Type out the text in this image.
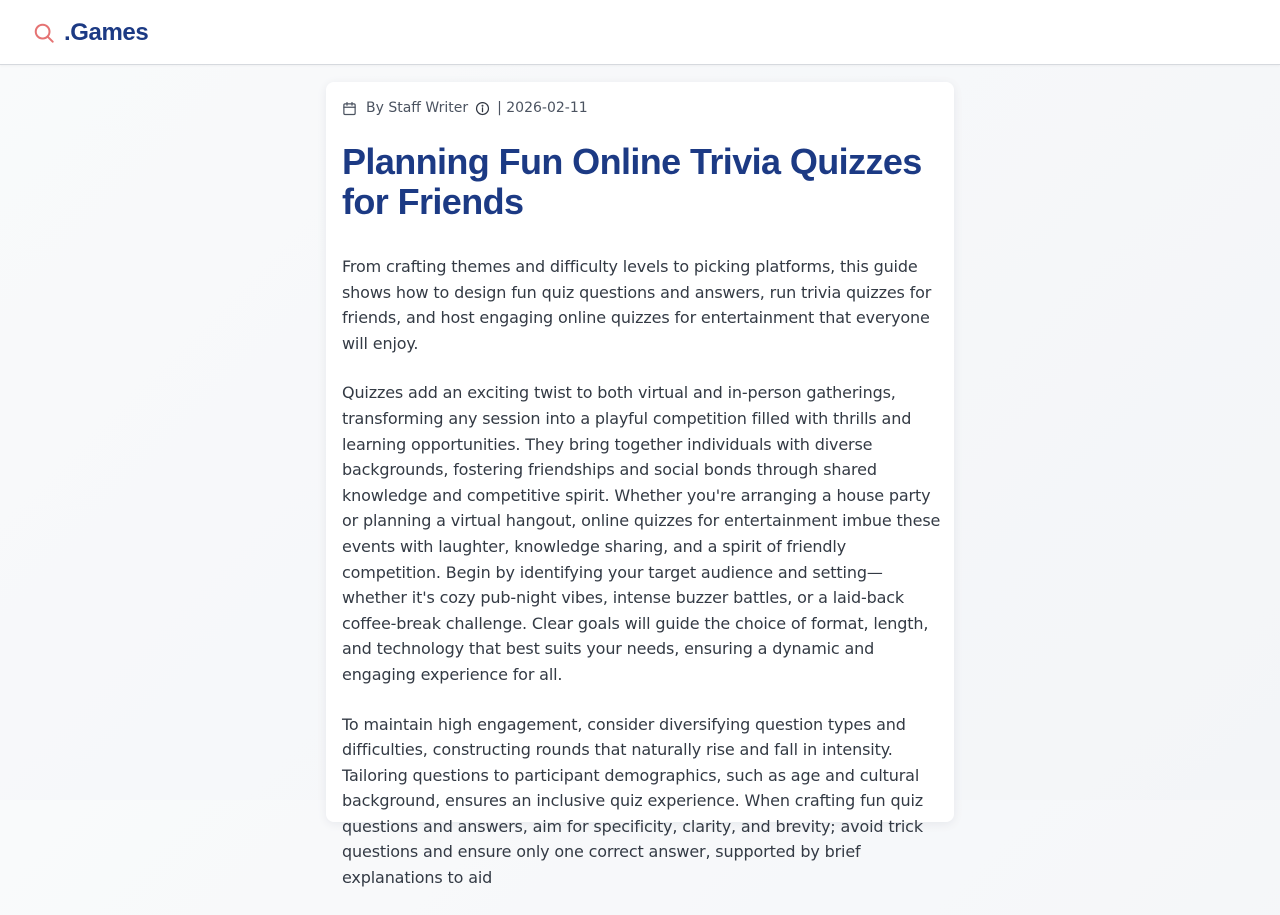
.Games
By Staff Writer | 2026-02-11
Planning Fun Online Trivia Quizzes for Friends

From crafting themes and difficulty levels to picking platforms, this guide shows how to design fun quiz questions and answers, run trivia quizzes for friends, and host engaging online quizzes for entertainment that everyone will enjoy.

Quizzes add an exciting twist to both virtual and in-person gatherings, transforming any session into a playful competition filled with thrills and learning opportunities. They bring together individuals with diverse backgrounds, fostering friendships and social bonds through shared knowledge and competitive spirit. Whether you're arranging a house party or planning a virtual hangout, online quizzes for entertainment imbue these events with laughter, knowledge sharing, and a spirit of friendly competition. Begin by identifying your target audience and setting—whether it's cozy pub-night vibes, intense buzzer battles, or a laid-back coffee-break challenge. Clear goals will guide the choice of format, length, and technology that best suits your needs, ensuring a dynamic and engaging experience for all.

To maintain high engagement, consider diversifying question types and difficulties, constructing rounds that naturally rise and fall in intensity. Tailoring questions to participant demographics, such as age and cultural background, ensures an inclusive quiz experience. When crafting fun quiz questions and answers, aim for specificity, clarity, and brevity; avoid trick questions and ensure only one correct answer, supported by brief explanations to aid
